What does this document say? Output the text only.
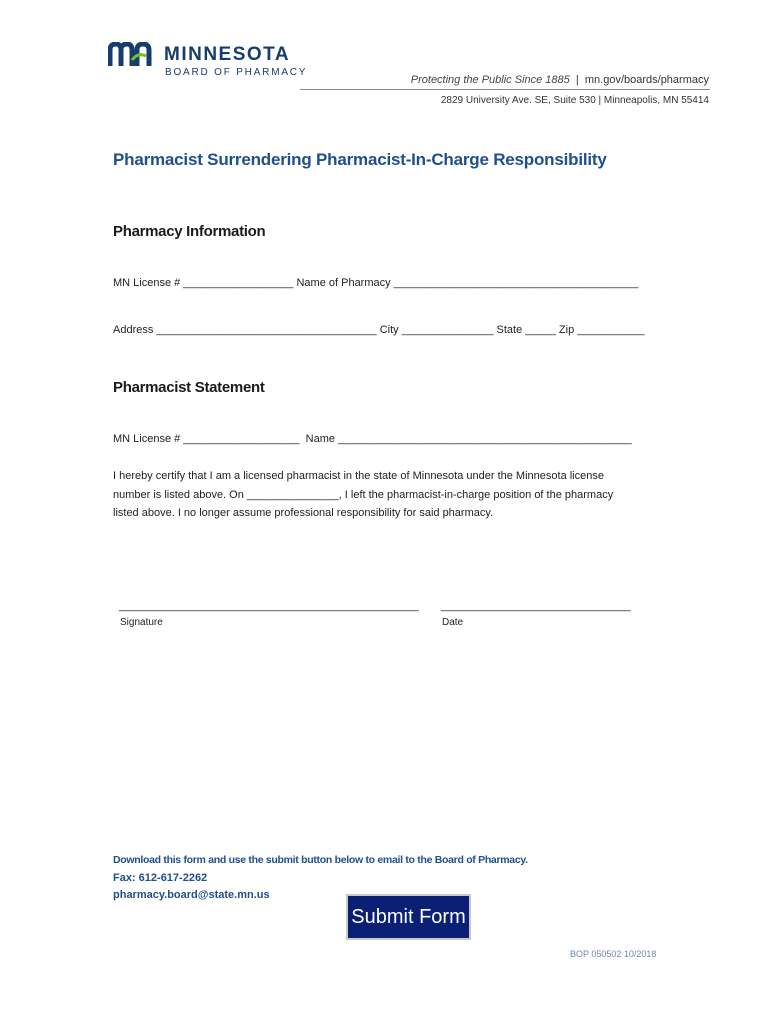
MINNESOTA
BOARD OF PHARMACY
Protecting the Public Since 1885 | mn.gov/boards/pharmacy
2829 University Ave. SE, Suite 530 | Minneapolis, MN 55414
Pharmacist Surrendering Pharmacist-In-Charge Responsibility
Pharmacy Information
MN License # __________________ Name of Pharmacy ________________________________________
Address ____________________________________ City _______________ State _____ Zip ___________
Pharmacist Statement
MN License # ___________________  Name ________________________________________________
I hereby certify that I am a licensed pharmacist in the state of Minnesota under the Minnesota license
number is listed above. On _______________, I left the pharmacist-in-charge position of the pharmacy
listed above. I no longer assume professional responsibility for said pharmacy.
_________________________________________________
Signature
_______________________________
Date
Download this form and use the submit button below to email to the Board of Pharmacy.
Fax: 612-617-2262
pharmacy.board@state.mn.us
Submit Form
BOP 050502 10/2018
